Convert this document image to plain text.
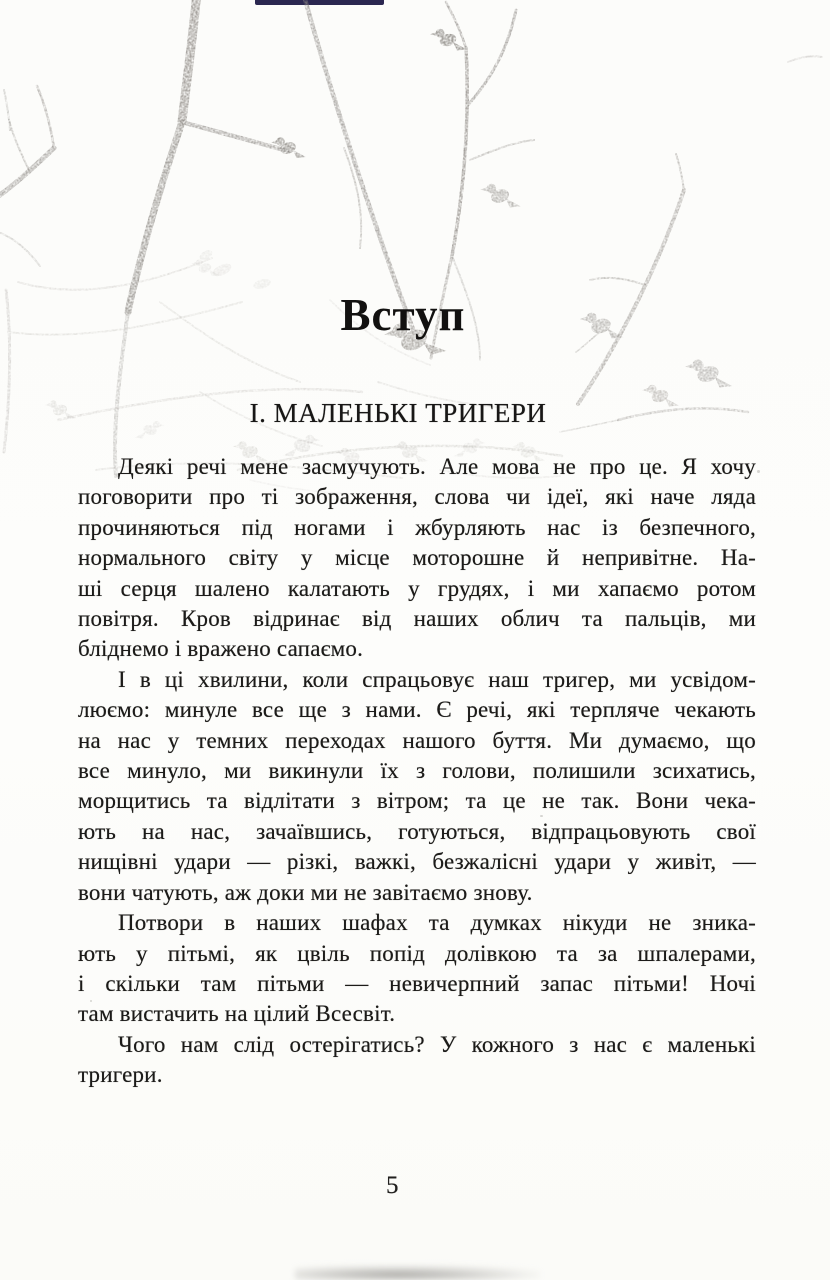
Вступ
І. МАЛЕНЬКІ ТРИГЕРИ

Деякі речі мене засмучують. Але мова не про це. Я хочу
поговорити про ті зображення, слова чи ідеї, які наче ляда
прочиняються під ногами і жбурляють нас із безпечного,
нормального світу у місце моторошне й непривітне. На-
ші серця шалено калатають у грудях, і ми хапаємо ротом
повітря. Кров відринає від наших облич та пальців, ми
бліднемо і вражено сапаємо.

І в ці хвилини, коли спрацьовує наш тригер, ми усвідом-
люємо: минуле все ще з нами. Є речі, які терпляче чекають
на нас у темних переходах нашого буття. Ми думаємо, що
все минуло, ми викинули їх з голови, полишили зсихатись,
морщитись та відлітати з вітром; та це не так. Вони чека-
ють на нас, зачаївшись, готуються, відпрацьовують свої
нищівні удари — різкі, важкі, безжалісні удари у живіт, —
вони чатують, аж доки ми не завітаємо знову.

Потвори в наших шафах та думках нікуди не зника-
ють у пітьмі, як цвіль попід долівкою та за шпалерами,
і скільки там пітьми — невичерпний запас пітьми! Ночі
там вистачить на цілий Всесвіт.

Чого нам слід остерігатись? У кожного з нас є маленькі
тригери.

5
